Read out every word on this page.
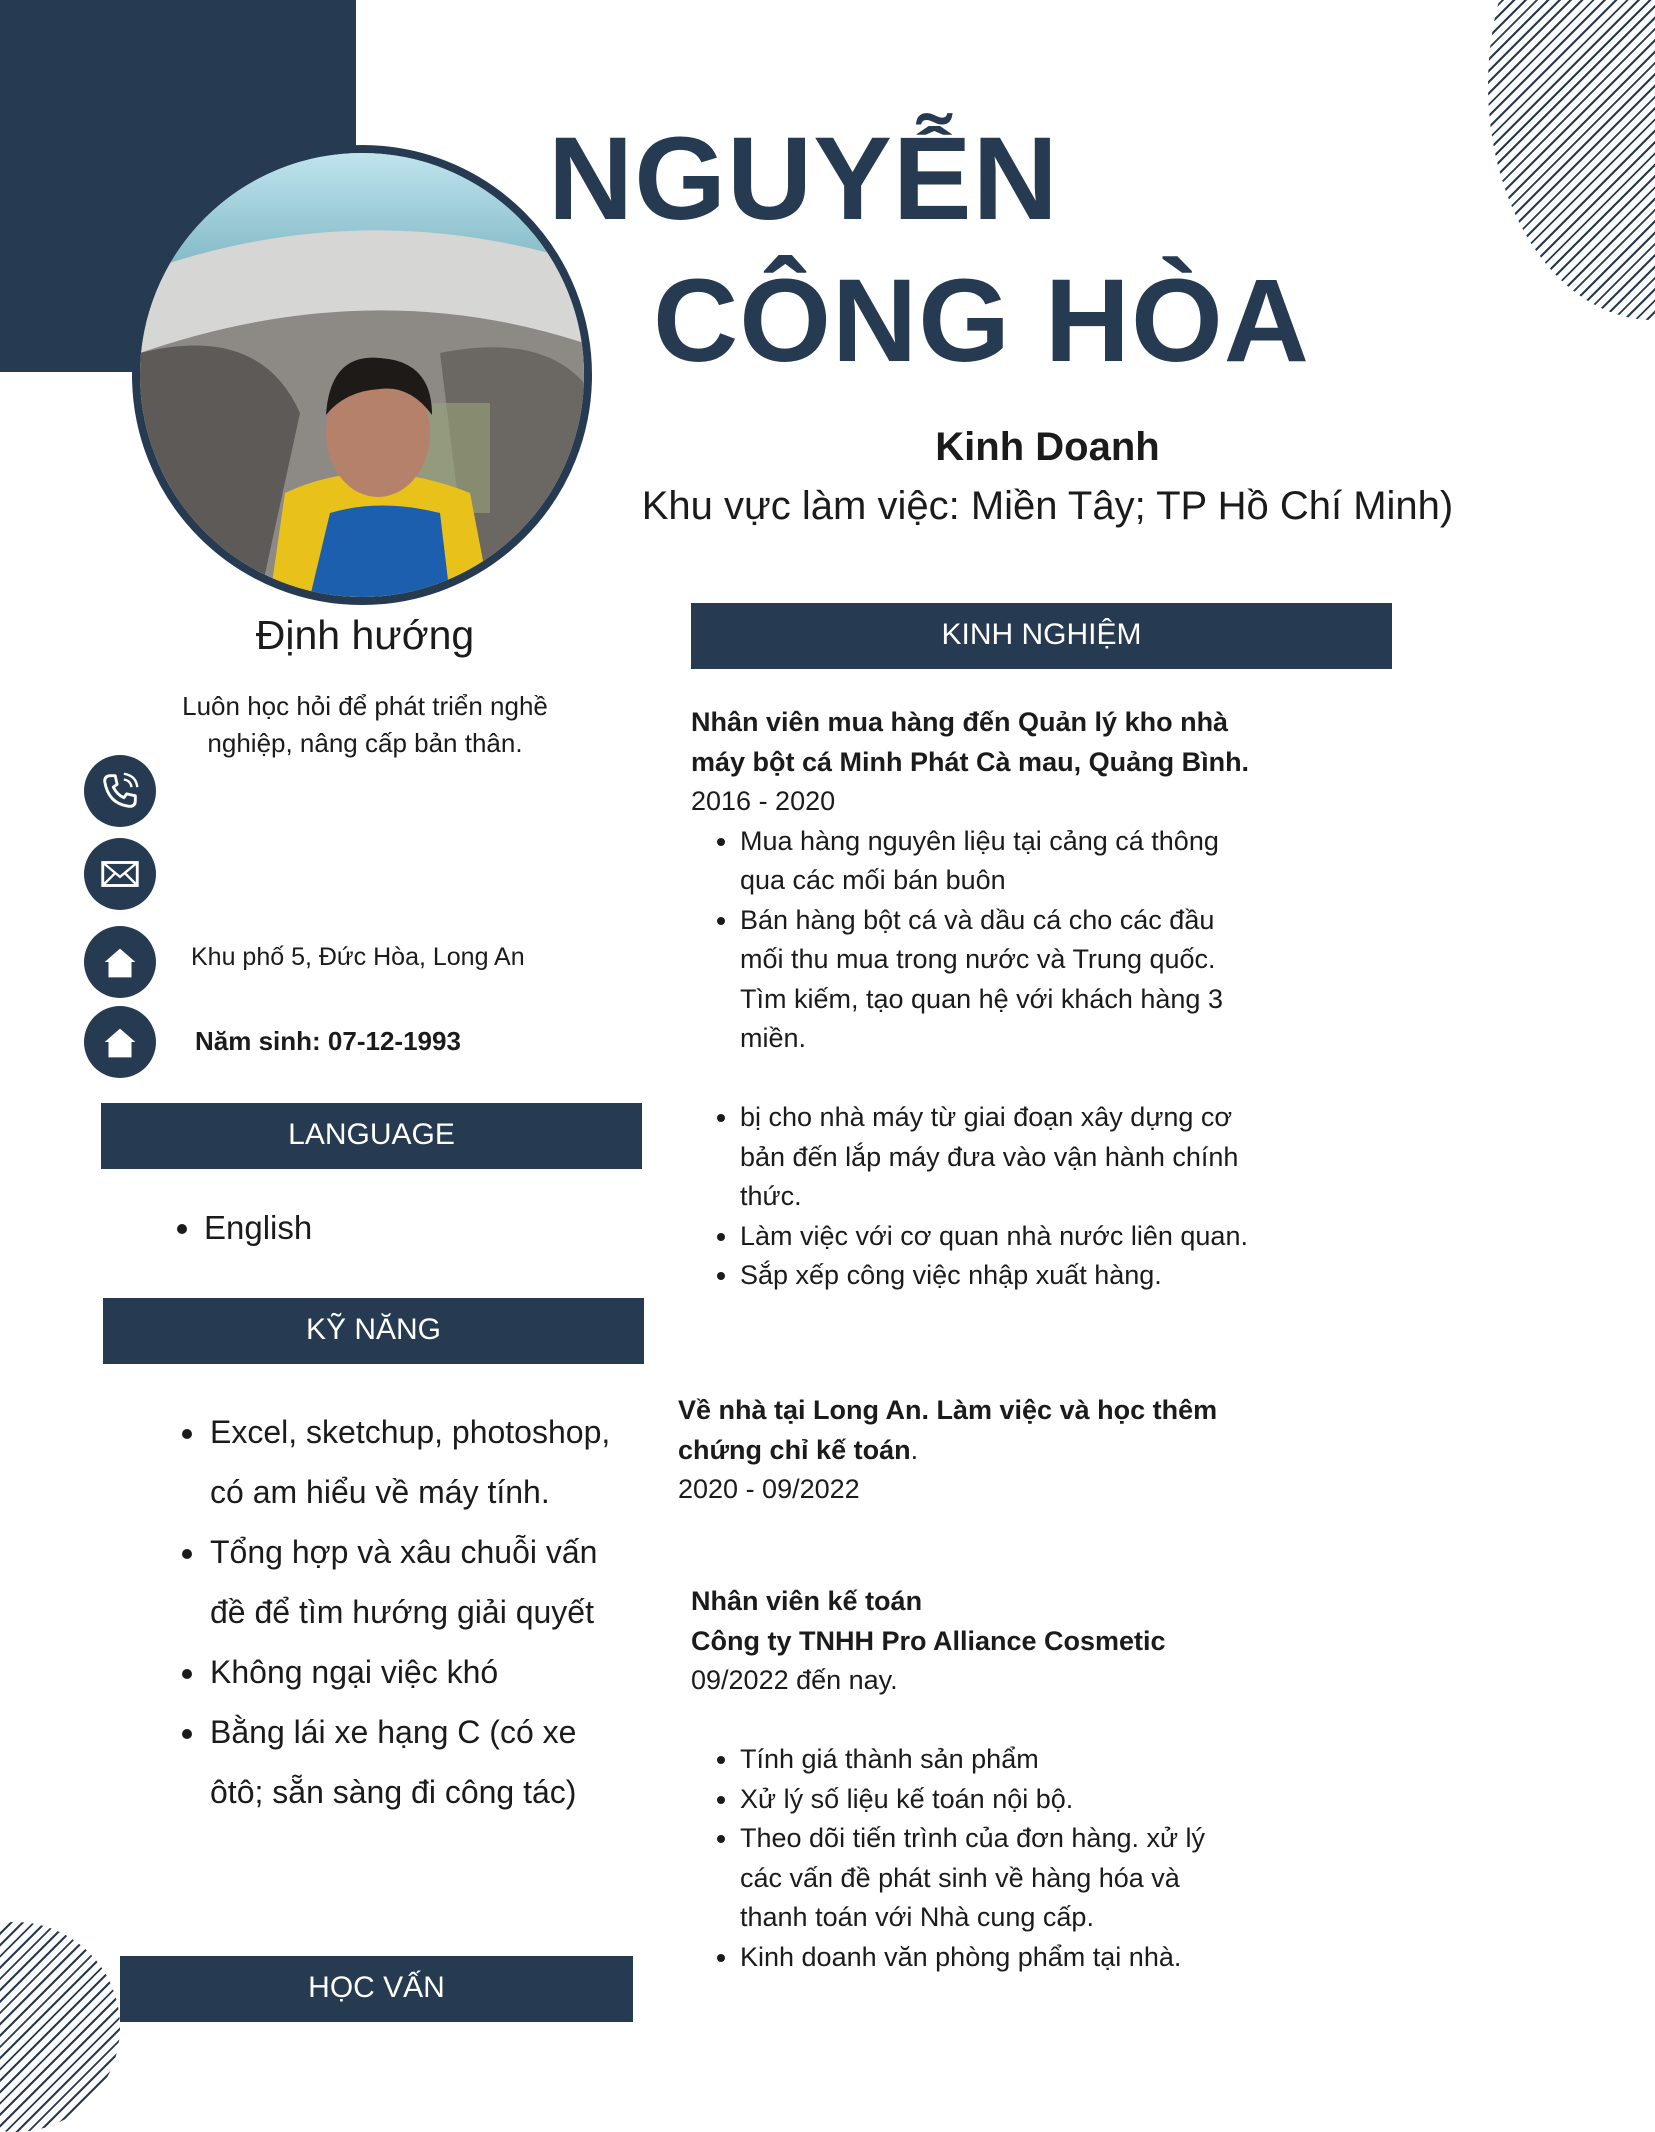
NGUYỄN
CÔNG HÒA
Kinh Doanh
Khu vực làm việc: Miền Tây; TP Hồ Chí Minh)
Định hướng
Luôn học hỏi để phát triển nghề nghiệp, nâng cấp bản thân.
Khu phố 5, Đức Hòa, Long An
Năm sinh: 07-12-1993
LANGUAGE
• English
KỸ NĂNG
• Excel, sketchup, photoshop, có am hiểu về máy tính.
• Tổng hợp và xâu chuỗi vấn đề để tìm hướng giải quyết
• Không ngại việc khó
• Bằng lái xe hạng C (có xe ôtô; sẵn sàng đi công tác)
HỌC VẤN
KINH NGHIỆM
Nhân viên mua hàng đến Quản lý kho nhà máy bột cá Minh Phát Cà mau, Quảng Bình.
2016 - 2020
• Mua hàng nguyên liệu tại cảng cá thông qua các mối bán buôn
• Bán hàng bột cá và dầu cá cho các đầu mối thu mua trong nước và Trung quốc. Tìm kiếm, tạo quan hệ với khách hàng 3 miền.
• bị cho nhà máy từ giai đoạn xây dựng cơ bản đến lắp máy đưa vào vận hành chính thức.
• Làm việc với cơ quan nhà nước liên quan.
• Sắp xếp công việc nhập xuất hàng.
Về nhà tại Long An. Làm việc và học thêm chứng chỉ kế toán.
2020 - 09/2022
Nhân viên kế toán
Công ty TNHH Pro Alliance Cosmetic
09/2022 đến nay.
• Tính giá thành sản phẩm
• Xử lý số liệu kế toán nội bộ.
• Theo dõi tiến trình của đơn hàng. xử lý các vấn đề phát sinh về hàng hóa và thanh toán với Nhà cung cấp.
• Kinh doanh văn phòng phẩm tại nhà.
